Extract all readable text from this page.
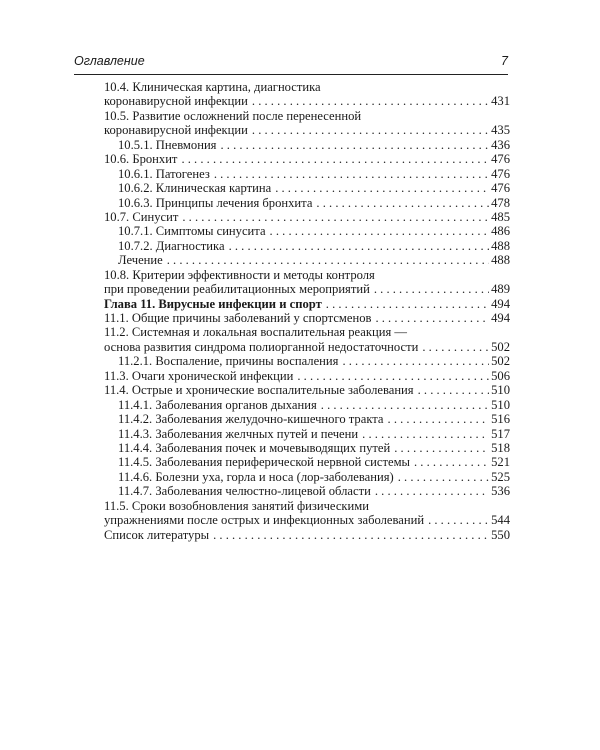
Оглавление	7
10.4. Клиническая картина, диагностика
коронавирусной инфекции . . .	431
10.5. Развитие осложнений после перенесенной
коронавирусной инфекции . . .	435
10.5.1. Пневмония . . .	436
10.6. Бронхит . . .	476
10.6.1. Патогенез . . .	476
10.6.2. Клиническая картина . . .	476
10.6.3. Принципы лечения бронхита . . .	478
10.7. Синусит . . .	485
10.7.1. Симптомы синусита . . .	486
10.7.2. Диагностика . . .	488
Лечение . . .	488
10.8. Критерии эффективности и методы контроля
при проведении реабилитационных мероприятий . . .	489
Глава 11. Вирусные инфекции и спорт . . .	494
11.1. Общие причины заболеваний у спортсменов . . .	494
11.2. Системная и локальная воспалительная реакция —
основа развития синдрома полиорганной недостаточности . . .	502
11.2.1. Воспаление, причины воспаления . . .	502
11.3. Очаги хронической инфекции . . .	506
11.4. Острые и хронические воспалительные заболевания . . .	510
11.4.1. Заболевания органов дыхания . . .	510
11.4.2. Заболевания желудочно-кишечного тракта . . .	516
11.4.3. Заболевания желчных путей и печени . . .	517
11.4.4. Заболевания почек и мочевыводящих путей . . .	518
11.4.5. Заболевания периферической нервной системы . . .	521
11.4.6. Болезни уха, горла и носа (лор-заболевания) . . .	525
11.4.7. Заболевания челюстно-лицевой области . . .	536
11.5. Сроки возобновления занятий физическими
упражнениями после острых и инфекционных заболеваний . . .	544
Список литературы . . .	550
